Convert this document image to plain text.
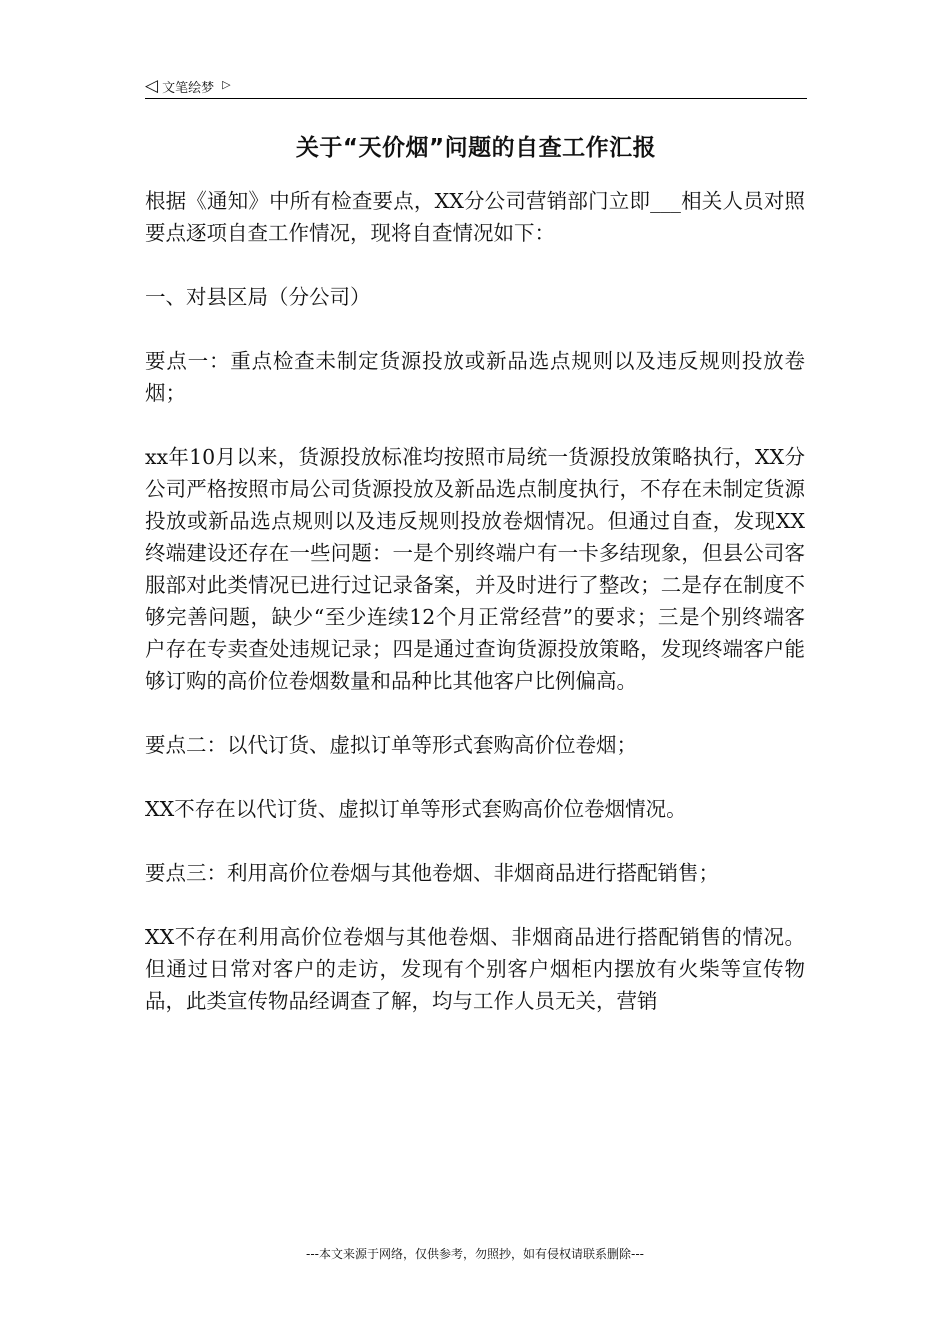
◁ 文笔绘梦 ▷
关于“天价烟”问题的自查工作汇报

根据《通知》中所有检查要点，XX分公司营销部门立即___相关人员对照要点逐项自查工作情况，现将自查情况如下：

一、对县区局（分公司）

要点一：重点检查未制定货源投放或新品选点规则以及违反规则投放卷烟；

xx年10月以来，货源投放标准均按照市局统一货源投放策略执行，XX分公司严格按照市局公司货源投放及新品选点制度执行，不存在未制定货源投放或新品选点规则以及违反规则投放卷烟情况。但通过自查，发现XX终端建设还存在一些问题：一是个别终端户有一卡多结现象，但县公司客服部对此类情况已进行过记录备案，并及时进行了整改；二是存在制度不够完善问题，缺少“至少连续12个月正常经营”的要求；三是个别终端客户存在专卖查处违规记录；四是通过查询货源投放策略，发现终端客户能够订购的高价位卷烟数量和品种比其他客户比例偏高。

要点二：以代订货、虚拟订单等形式套购高价位卷烟；

XX不存在以代订货、虚拟订单等形式套购高价位卷烟情况。

要点三：利用高价位卷烟与其他卷烟、非烟商品进行搭配销售；

XX不存在利用高价位卷烟与其他卷烟、非烟商品进行搭配销售的情况。但通过日常对客户的走访，发现有个别客户烟柜内摆放有火柴等宣传物品，此类宣传物品经调查了解，均与工作人员无关，营销

---本文来源于网络，仅供参考，勿照抄，如有侵权请联系删除---
